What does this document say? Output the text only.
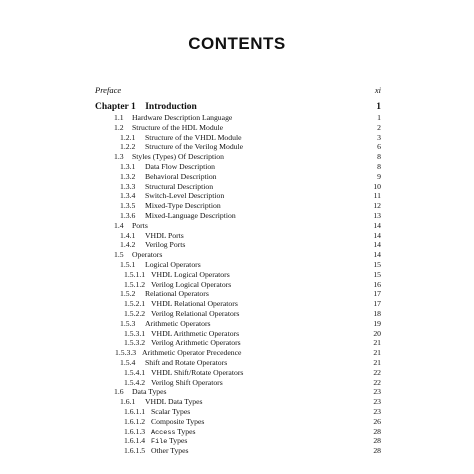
CONTENTS
Preface	xi
Chapter 1    Introduction	1
1.1 Hardware Description Language	1
1.2 Structure of the HDL Module	2
1.2.1 Structure of the VHDL Module	3
1.2.2 Structure of the Verilog Module	6
1.3 Styles (Types) Of Description	8
1.3.1 Data Flow Description	8
1.3.2 Behavioral Description	9
1.3.3 Structural Description	10
1.3.4 Switch-Level Description	11
1.3.5 Mixed-Type Description	12
1.3.6 Mixed-Language Description	13
1.4 Ports	14
1.4.1 VHDL Ports	14
1.4.2 Verilog Ports	14
1.5 Operators	14
1.5.1 Logical Operators	15
1.5.1.1 VHDL Logical Operators	15
1.5.1.2 Verilog Logical Operators	16
1.5.2 Relational Operators	17
1.5.2.1 VHDL Relational Operators	17
1.5.2.2 Verilog Relational Operators	18
1.5.3 Arithmetic Operators	19
1.5.3.1 VHDL Arithmetic Operators	20
1.5.3.2 Verilog Arithmetic Operators	21
1.5.3.3 Arithmetic Operator Precedence	21
1.5.4 Shift and Rotate Operators	21
1.5.4.1 VHDL Shift/Rotate Operators	22
1.5.4.2 Verilog Shift Operators	22
1.6 Data Types	23
1.6.1 VHDL Data Types	23
1.6.1.1 Scalar Types	23
1.6.1.2 Composite Types	26
1.6.1.3 Access Types	28
1.6.1.4 File Types	28
1.6.1.5 Other Types	28
